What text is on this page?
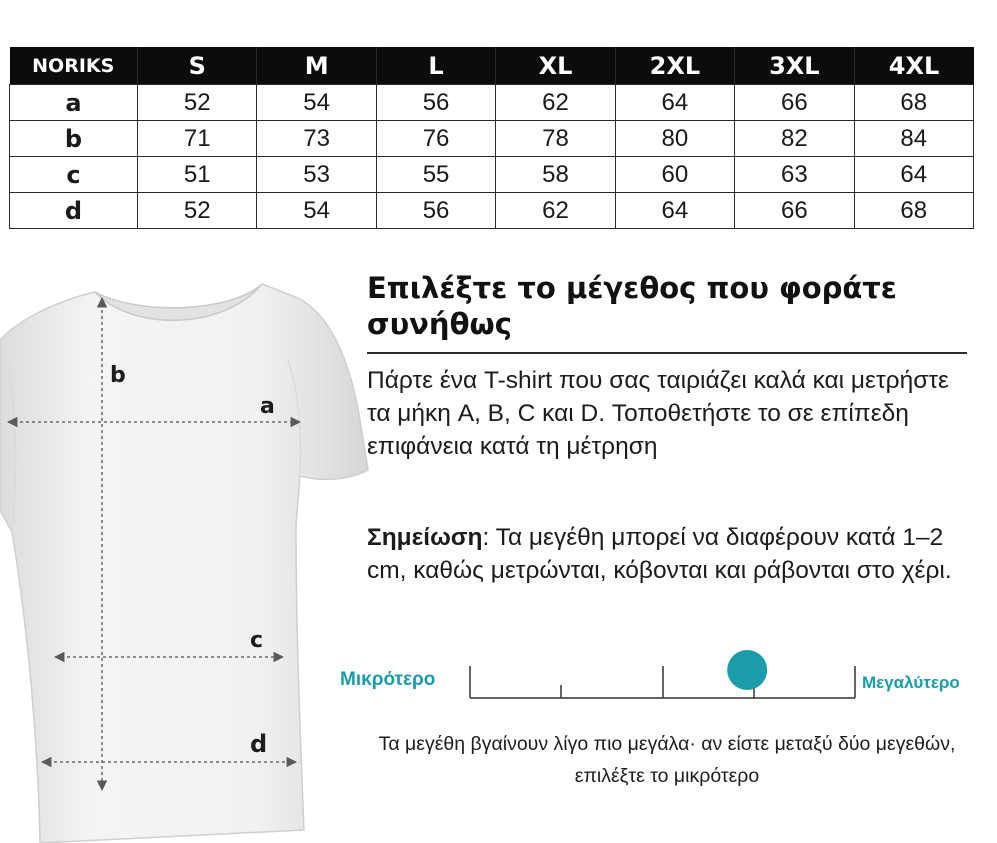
NORIKS	S	M	L	XL	2XL	3XL	4XL
a	52	54	56	62	64	66	68
b	71	73	76	78	80	82	84
c	51	53	55	58	60	63	64
d	52	54	56	62	64	66	68
b
a
c
d
Επιλέξτε το μέγεθος που φοράτε συνήθως

Πάρτε ένα T-shirt που σας ταιριάζει καλά και μετρήστε τα μήκη A, B, C και D. Τοποθετήστε το σε επίπεδη επιφάνεια κατά τη μέτρηση

Σημείωση: Τα μεγέθη μπορεί να διαφέρουν κατά 1–2 cm, καθώς μετρώνται, κόβονται και ράβονται στο χέρι.

Μικρότερο	Μεγαλύτερο

Τα μεγέθη βγαίνουν λίγο πιο μεγάλα· αν είστε μεταξύ δύο μεγεθών, επιλέξτε το μικρότερο
